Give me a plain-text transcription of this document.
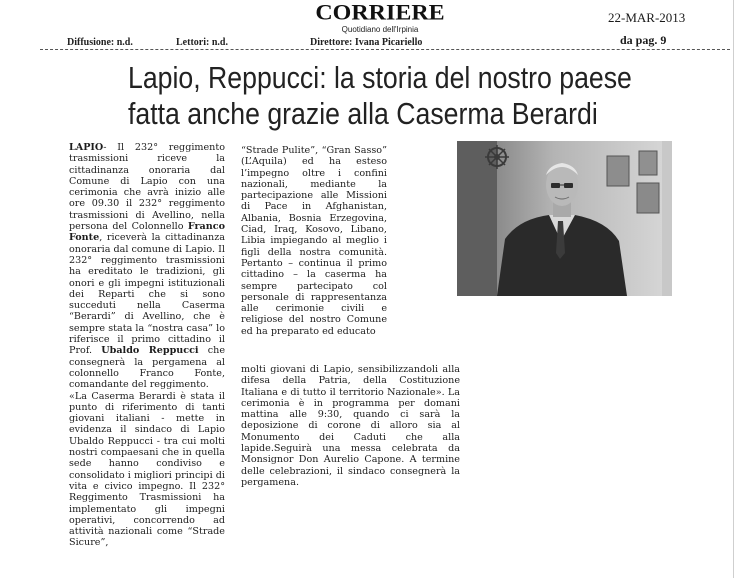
CORRIERE
Quotidiano dell'Irpinia
22-MAR-2013
Diffusione: n.d.	Lettori: n.d.	Direttore: Ivana Picariello	da pag. 9
Lapio, Reppucci: la storia del nostro paese
fatta anche grazie alla Caserma Berardi

LAPIO- Il 232° reggimento trasmissioni riceve la cittadinanza onoraria dal Comune di Lapio con una cerimonia che avrà inizio alle ore 09.30 il 232° reggimento trasmissioni di Avellino, nella persona del Colonnello Franco Fonte, riceverà la cittadinanza onoraria dal comune di Lapio. Il 232° reggimento trasmissioni ha ereditato le tradizioni, gli onori e gli impegni istituzionali dei Reparti che si sono succeduti nella Caserma “Berardi” di Avellino, che è sempre stata la “nostra casa” lo riferisce il primo cittadino il Prof. Ubaldo Reppucci che consegnerà la pergamena al colonnello Franco Fonte, comandante del reggimento.

«La Caserma Berardi è stata il punto di riferimento di tanti giovani italiani - mette in evidenza il sindaco di Lapio Ubaldo Reppucci - tra cui molti nostri compaesani che in quella sede hanno condiviso e consolidato i migliori principi di vita e civico impegno. Il 232° Reggimento Trasmissioni ha implementato gli impegni operativi, concorrendo ad attività nazionali come “Strade Sicure”,

“Strade Pulite”, “Gran Sasso” (L’Aquila) ed ha esteso l’impegno oltre i confini nazionali, mediante la partecipazione alle Missioni di Pace in Afghanistan, Albania, Bosnia Erzegovina, Ciad, Iraq, Kosovo, Libano, Libia impiegando al meglio i figli della nostra comunità. Pertanto – continua il primo cittadino – la caserma ha sempre partecipato col personale di rappresentanza alle cerimonie civili e religiose del nostro Comune ed ha preparato ed educato

molti giovani di Lapio, sensibilizzandoli alla difesa della Patria, della Costituzione Italiana e di tutto il territorio Nazionale». La cerimonia è in programma per domani mattina alle 9:30, quando ci sarà la deposizione di corone di alloro sia al Monumento dei Caduti che alla lapide.Seguirà una messa celebrata da Monsignor Don Aurelio Capone. A termine delle celebrazioni, il sindaco consegnerà la pergamena.
